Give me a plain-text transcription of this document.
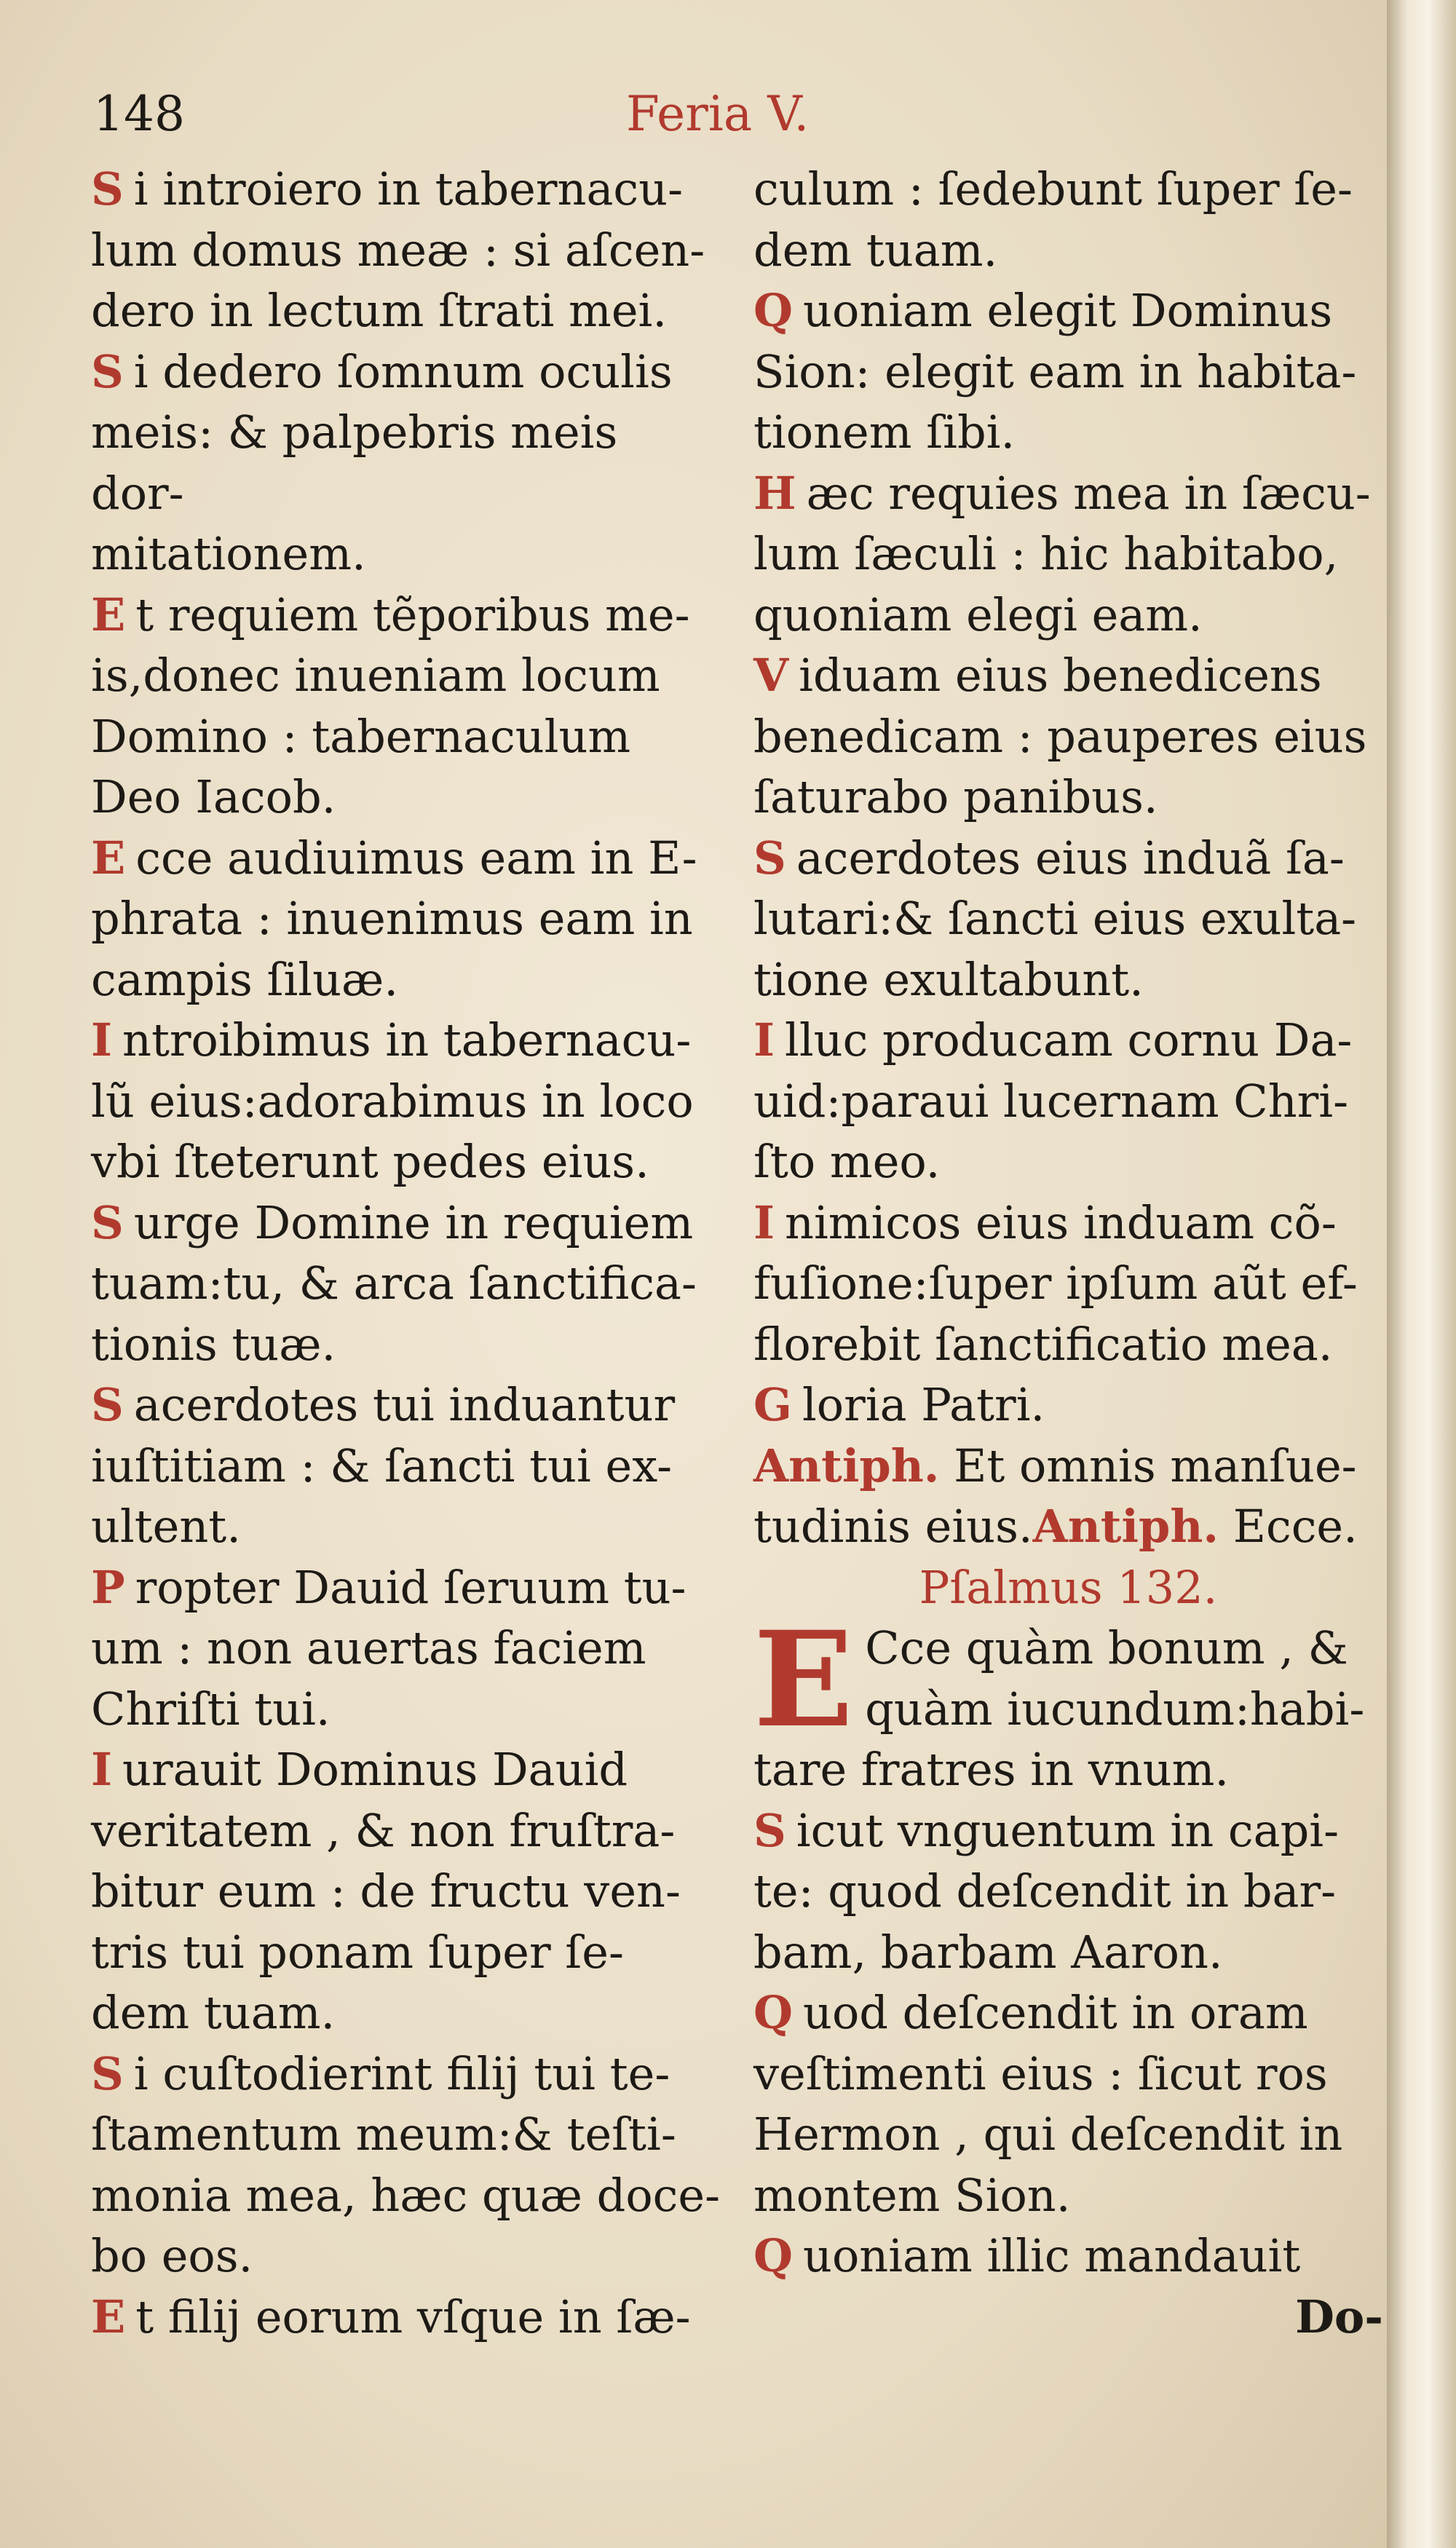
148	Feria V.

S i introiero in tabernacu-

lum domus meæ : si aſcen-

dero in lectum ſtrati mei.

S i dedero ſomnum oculis

meis: & palpebris meis dor-

mitationem.

E t requiem tẽporibus me-

is,donec inueniam locum

Domino : tabernaculum

Deo Iacob.

E cce audiuimus eam in E-

phrata : inuenimus eam in

campis ſiluæ.

I ntroibimus in tabernacu-

lũ eius:adorabimus in loco

vbi ſteterunt pedes eius.

S urge Domine in requiem

tuam:tu, & arca ſanctifica-

tionis tuæ.

S acerdotes tui induantur

iuſtitiam : & ſancti tui ex-

ultent.

P ropter Dauid ſeruum tu-

um : non auertas faciem

Chriſti tui.

I urauit Dominus Dauid

veritatem , & non fruſtra-

bitur eum : de fructu ven-

tris tui ponam ſuper ſe-

dem tuam.

S i cuſtodierint filij tui te-

ſtamentum meum:& teſti-

monia mea, hæc quæ doce-

bo eos.

E t filij eorum vſque in ſæ-

culum : ſedebunt ſuper ſe-

dem tuam.

Q uoniam elegit Dominus

Sion: elegit eam in habita-

tionem ſibi.

H æc requies mea in ſæcu-

lum ſæculi : hic habitabo,

quoniam elegi eam.

V iduam eius benedicens

benedicam : pauperes eius

ſaturabo panibus.

S acerdotes eius induã ſa-

lutari:& ſancti eius exulta-

tione exultabunt.

I lluc producam cornu Da-

uid:paraui lucernam Chri-

ſto meo.

I nimicos eius induam cõ-

fuſione:ſuper ipſum aũt ef-

florebit ſanctificatio mea.

G loria Patri.

Antiph. Et omnis manſue-

tudinis eius.Antiph. Ecce.

Pſalmus 132.

E Cce quàm bonum , &

quàm iucundum:habi-

tare fratres in vnum.

S icut vnguentum in capi-

te: quod deſcendit in bar-

bam, barbam Aaron.

Q uod deſcendit in oram

veſtimenti eius : ſicut ros

Hermon , qui deſcendit in

montem Sion.

Q uoniam illic mandauit

Do-
